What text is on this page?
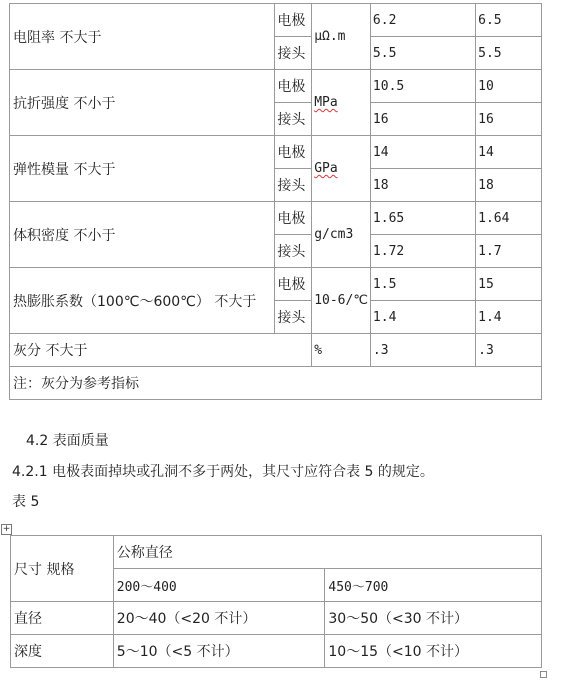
电阻率 不大于	电极	μΩ.m	6.2	6.5
	接头		5.5	5.5
抗折强度 不小于	电极	MPa	10.5	10
	接头		16	16
弹性模量 不大于	电极	GPa	14	14
	接头		18	18
体积密度 不小于	电极	g/cm3	1.65	1.64
	接头		1.72	1.7
热膨胀系数（100℃～600℃） 不大于	电极	10-6/℃	1.5	15
	接头		1.4	1.4
灰分 不大于		%	.3	.3
注：灰分为参考指标				
4.2 表面质量
4.2.1 电极表面掉块或孔洞不多于两处，其尺寸应符合表 5 的规定。
表 5
+
尺寸 规格	公称直径	
	200～400	450～700
直径	20～40（<20 不计）	30～50（<30 不计）
深度	5～10（<5 不计）	10～15（<10 不计）
